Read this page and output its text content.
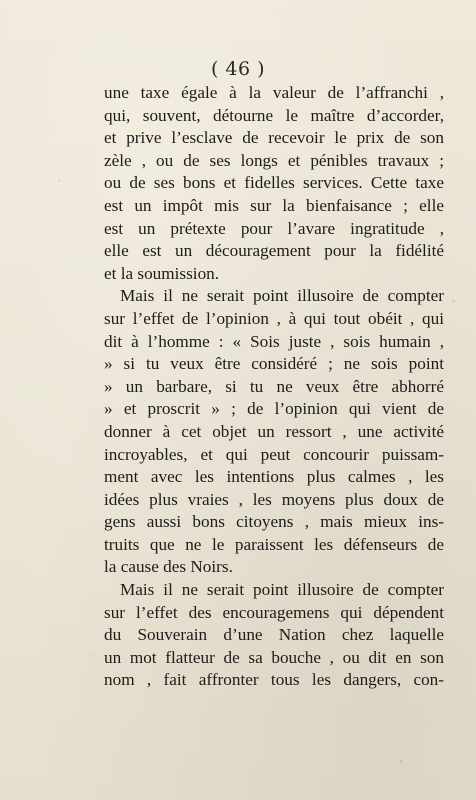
( 46 )
une taxe égale à la valeur de l’affranchi ,
qui, souvent, détourne le maître d’accorder,
et prive l’esclave de recevoir le prix de son
zèle , ou de ses longs et pénibles travaux ;
ou de ses bons et fidelles services. Cette taxe
est un impôt mis sur la bienfaisance ; elle
est un prétexte pour l’avare ingratitude ,
elle est un découragement pour la fidélité
et la soumission.
Mais il ne serait point illusoire de compter
sur l’effet de l’opinion , à qui tout obéit , qui
dit à l’homme : « Sois juste , sois humain ,
» si tu veux être considéré ; ne sois point
» un barbare, si tu ne veux être abhorré
» et proscrit » ; de l’opinion qui vient de
donner à cet objet un ressort , une activité
incroyables, et qui peut concourir puissam-
ment avec les intentions plus calmes , les
idées plus vraies , les moyens plus doux de
gens aussi bons citoyens , mais mieux ins-
truits que ne le paraissent les défenseurs de
la cause des Noirs.
Mais il ne serait point illusoire de compter
sur l’effet des encouragemens qui dépendent
du Souverain d’une Nation chez laquelle
un mot flatteur de sa bouche , ou dit en son
nom , fait affronter tous les dangers, con-
